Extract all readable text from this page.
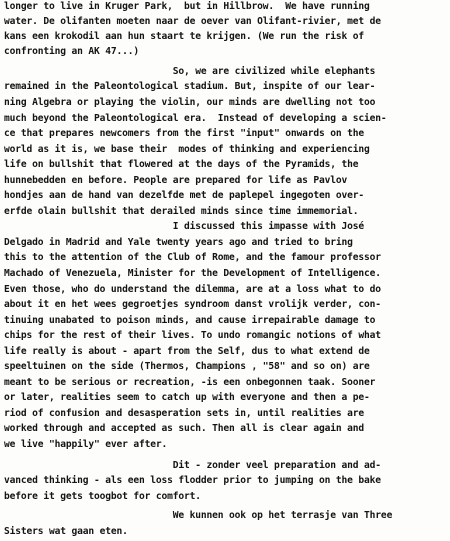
longer to live in Kruger Park,  but in Hillbrow.  We have running

water. De olifanten moeten naar de oever van Olifant-rivier, met de

kans een krokodil aan hun staart te krijgen. (We run the risk of

confronting an AK 47...)

So, we are civilized while elephants

remained in the Paleontological stadium. But, inspite of our lear-

ning Algebra or playing the violin, our minds are dwelling not too

much beyond the Paleontological era.  Instead of developing a scien-

ce that prepares newcomers from the first "input" onwards on the

world as it is, we base their  modes of thinking and experiencing

life on bullshit that flowered at the days of the Pyramids, the

hunnebedden en before. People are prepared for life as Pavlov

hondjes aan de hand van dezelfde met de paplepel ingegoten over-

erfde olain bullshit that derailed minds since time immemorial.

I discussed this impasse with José

Delgado in Madrid and Yale twenty years ago and tried to bring

this to the attention of the Club of Rome, and the famour professor

Machado of Venezuela, Minister for the Development of Intelligence.

Even those, who do understand the dilemma, are at a loss what to do

about it en het wees gegroetjes syndroom danst vrolijk verder, con-

tinuing unabated to poison minds, and cause irrepairable damage to

chips for the rest of their lives. To undo romangic notions of what

life really is about - apart from the Self, dus to what extend de

speeltuinen on the side (Thermos, Champions , "58" and so on) are

meant to be serious or recreation, -is een onbegonnen taak. Sooner

or later, realities seem to catch up with everyone and then a pe-

riod of confusion and desasperation sets in, until realities are

worked through and accepted as such. Then all is clear again and

we live "happily" ever after.

Dit - zonder veel preparation and ad-

vanced thinking - als een loss flodder prior to jumping on the bake

before it gets toogbot for comfort.

We kunnen ook op het terrasje van Three

Sisters wat gaan eten.
